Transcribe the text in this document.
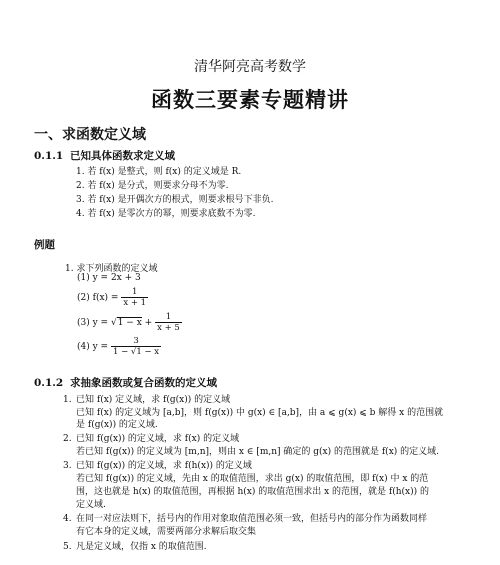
清华阿亮高考数学
函数三要素专题精讲
一、求函数定义域
0.1.1 已知具体函数求定义域
1. 若 f(x) 是整式，则 f(x) 的定义域是 R.
2. 若 f(x) 是分式，则要求分母不为零.
3. 若 f(x) 是开偶次方的根式，则要求根号下非负.
4. 若 f(x) 是零次方的幂，则要求底数不为零.
例题
1. 求下列函数的定义域
(1) y = 2x + 3
(2) $f(x) = \frac{1}{x + 1}$
(3) $y = √1 - x + \frac{1}{x + 5}$
(4) $y = \frac{3}{1 - √1 - x}$
0.1.2 求抽象函数或复合函数的定义域
1. 已知 f(x) 定义域，求 f(g(x)) 的定义域
已知 f(x) 的定义域为 [a,b]，则 f(g(x)) 中 g(x) ∈ [a,b]，由 a ⩽ g(x) ⩽ b 解得 x 的范围就
是 f(g(x)) 的定义域.
2. 已知 f(g(x)) 的定义域，求 f(x) 的定义域
若已知 f(g(x)) 的定义域为 [m,n]，则由 x ∈ [m,n] 确定的 g(x) 的范围就是 f(x) 的定义域.
3. 已知 f(g(x)) 的定义域，求 f(h(x)) 的定义域
若已知 f(g(x)) 的定义域，先由 x 的取值范围，求出 g(x) 的取值范围，即 f(x) 中 x 的范
围，这也就是 h(x) 的取值范围，再根据 h(x) 的取值范围求出 x 的范围，就是 f(h(x)) 的
定义域.
4. 在同一对应法则下，括号内的作用对象取值范围必须一致，但括号内的部分作为函数同样
有它本身的定义域，需要两部分求解后取交集
5. 凡是定义域，仅指 x 的取值范围.
